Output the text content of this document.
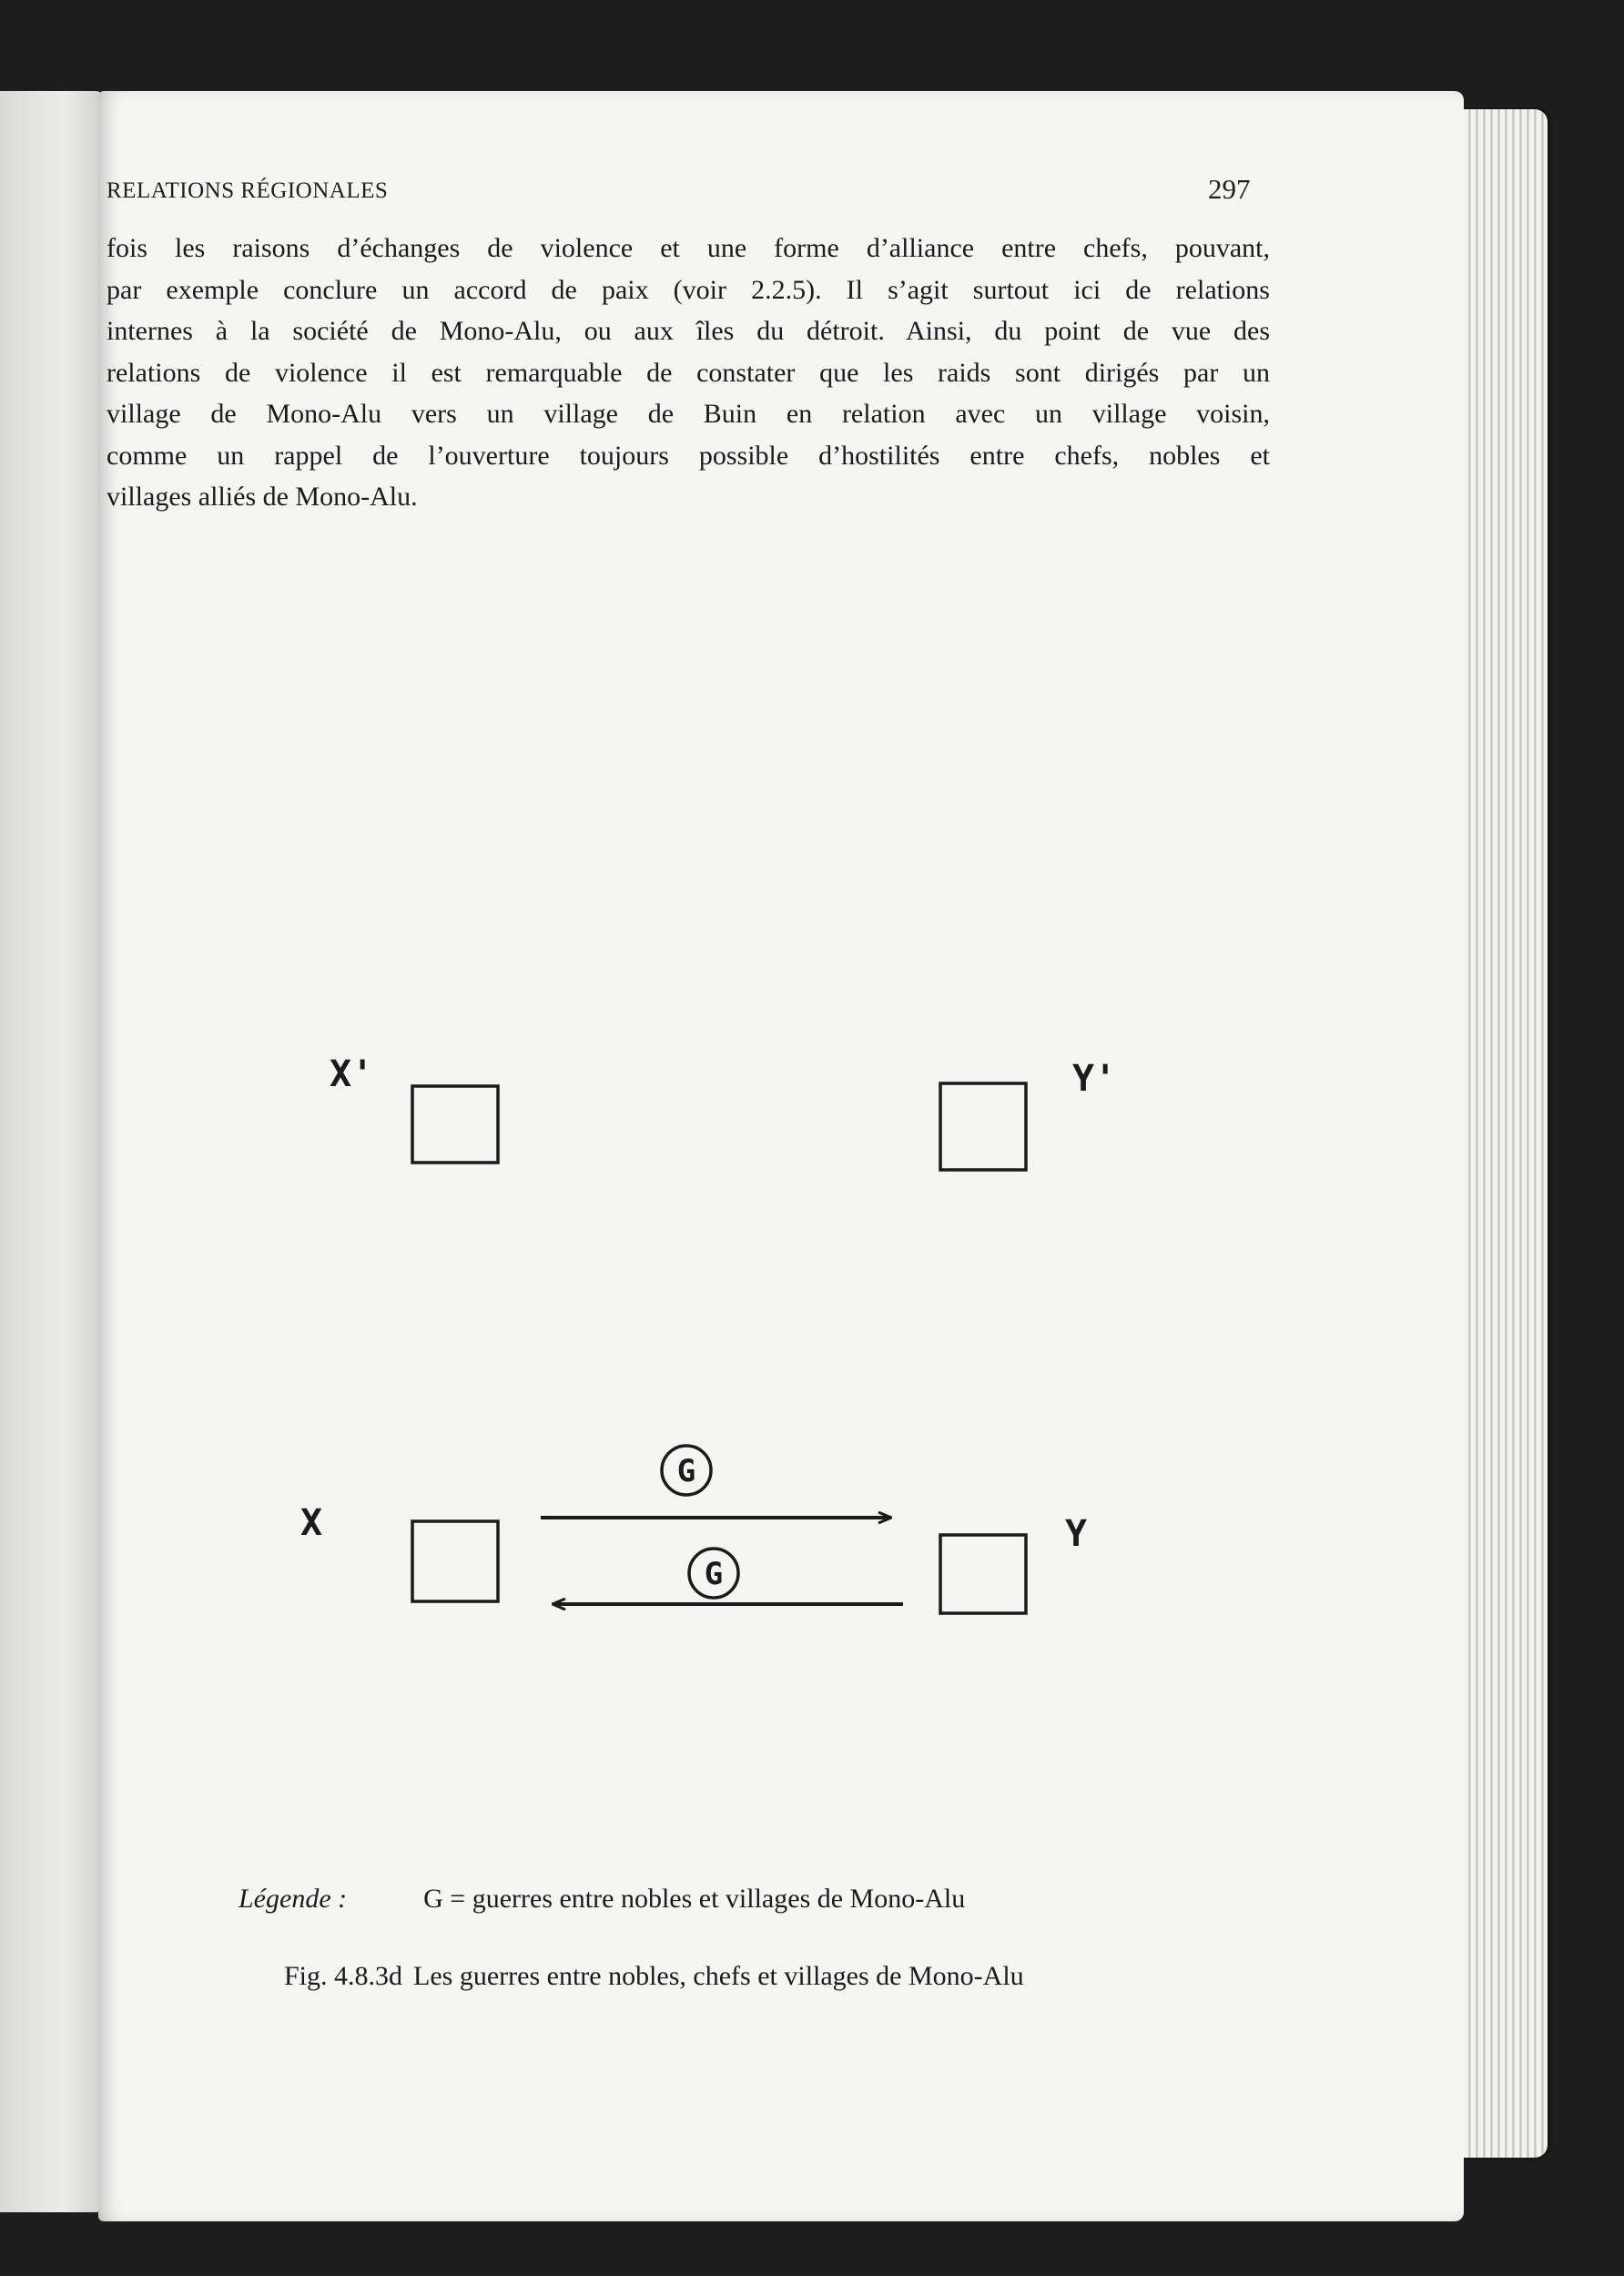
RELATIONS RÉGIONALES	297
fois les raisons d’échanges de violence et une forme d’alliance entre chefs, pouvant,
par exemple conclure un accord de paix (voir 2.2.5). Il s’agit surtout ici de relations
internes à la société de Mono-Alu, ou aux îles du détroit. Ainsi, du point de vue des
relations de violence il est remarquable de constater que les raids sont dirigés par un
village de Mono-Alu vers un village de Buin en relation avec un village voisin,
comme un rappel de l’ouverture toujours possible d’hostilités entre chefs, nobles et
villages alliés de Mono-Alu.
X'	Y'
X	Y
G
G
Légende :	G = guerres entre nobles et villages de Mono-Alu
Fig. 4.8.3d Les guerres entre nobles, chefs et villages de Mono-Alu
